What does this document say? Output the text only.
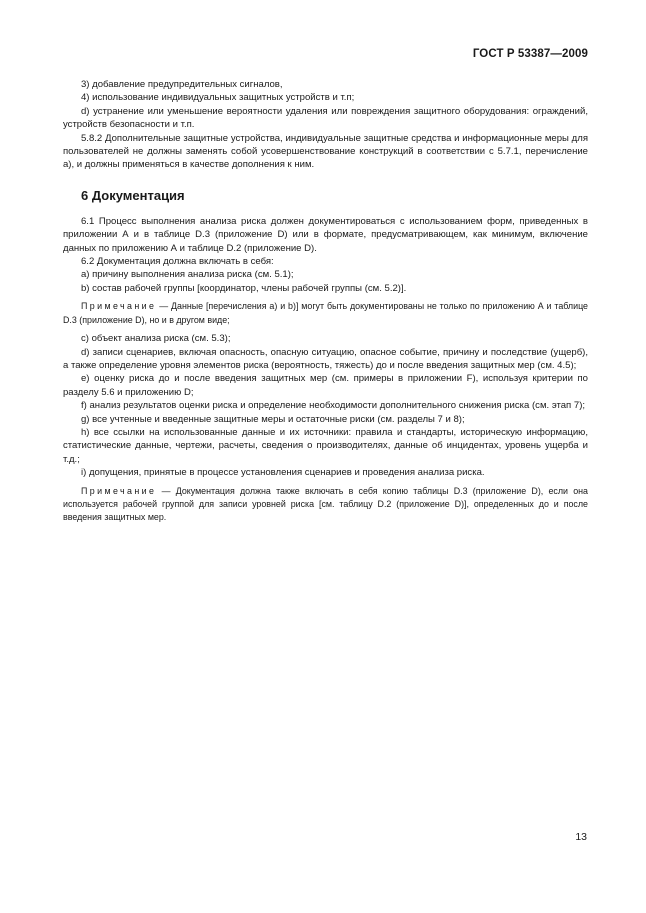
ГОСТ Р 53387—2009

3) добавление предупредительных сигналов,

4) использование индивидуальных защитных устройств и т.п;

d) устранение или уменьшение вероятности удаления или повреждения защитного оборудования: ограждений, устройств безопасности и т.п.

5.8.2 Дополнительные защитные устройства, индивидуальные защитные средства и информационные меры для пользователей не должны заменять собой усовершенствование конструкций в соответствии с 5.7.1, перечисление a), и должны применяться в качестве дополнения к ним.

6 Документация

6.1 Процесс выполнения анализа риска должен документироваться с использованием форм, приведенных в приложении А и в таблице D.3 (приложение D) или в формате, предусматривающем, как минимум, включение данных по приложению А и таблице D.2 (приложение D).

6.2 Документация должна включать в себя:

a) причину выполнения анализа риска (см. 5.1);

b) состав рабочей группы [координатор, члены рабочей группы (см. 5.2)].

Примечание — Данные [перечисления a) и b)] могут быть документированы не только по приложению А и таблице D.3 (приложение D), но и в другом виде;

c) объект анализа риска (см. 5.3);

d) записи сценариев, включая опасность, опасную ситуацию, опасное событие, причину и последствие (ущерб), а также определение уровня элементов риска (вероятность, тяжесть) до и после введения защитных мер (см. 4.5);

e) оценку риска до и после введения защитных мер (см. примеры в приложении F), используя критерии по разделу 5.6 и приложению D;

f) анализ результатов оценки риска и определение необходимости дополнительного снижения риска (см. этап 7);

g) все учтенные и введенные защитные меры и остаточные риски (см. разделы 7 и 8);

h) все ссылки на использованные данные и их источники: правила и стандарты, историческую информацию, статистические данные, чертежи, расчеты, сведения о производителях, данные об инцидентах, уровень ущерба и т.д.;

i) допущения, принятые в процессе установления сценариев и проведения анализа риска.

Примечание — Документация должна также включать в себя копию таблицы D.3 (приложение D), если она используется рабочей группой для записи уровней риска [см. таблицу D.2 (приложение D)], определенных до и после введения защитных мер.

13
